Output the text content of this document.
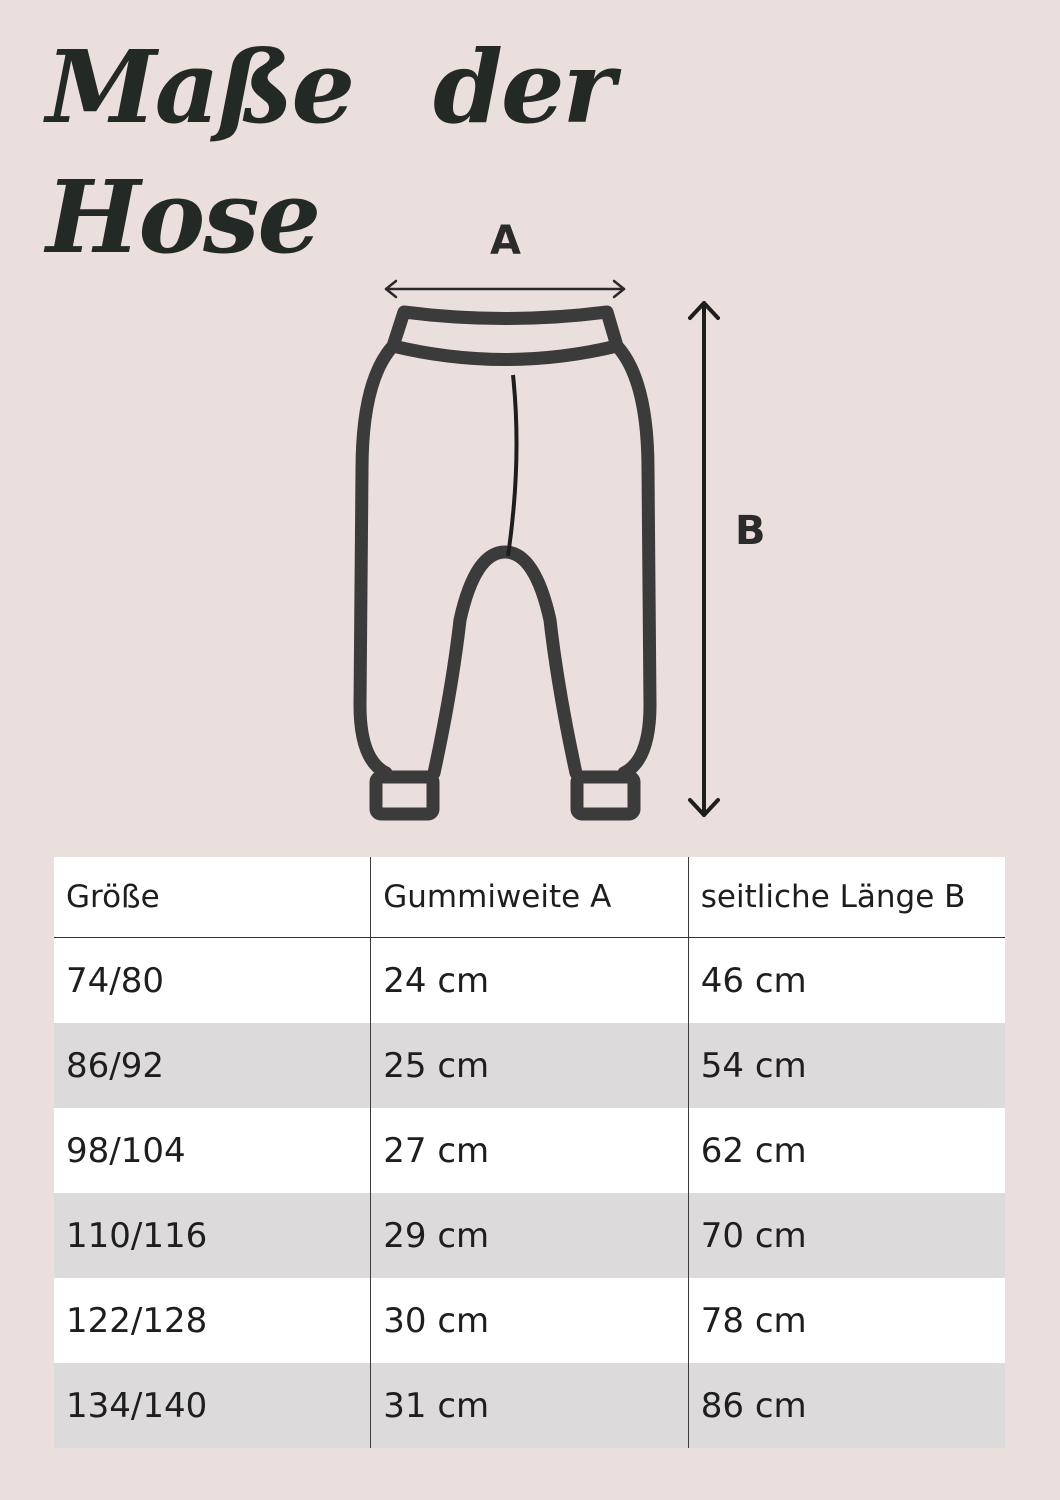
Maße der
Hose	A
B
Größe	Gummiweite A	seitliche Länge B
74/80	24 cm	46 cm
86/92	25 cm	54 cm
98/104	27 cm	62 cm
110/116	29 cm	70 cm
122/128	30 cm	78 cm
134/140	31 cm	86 cm
